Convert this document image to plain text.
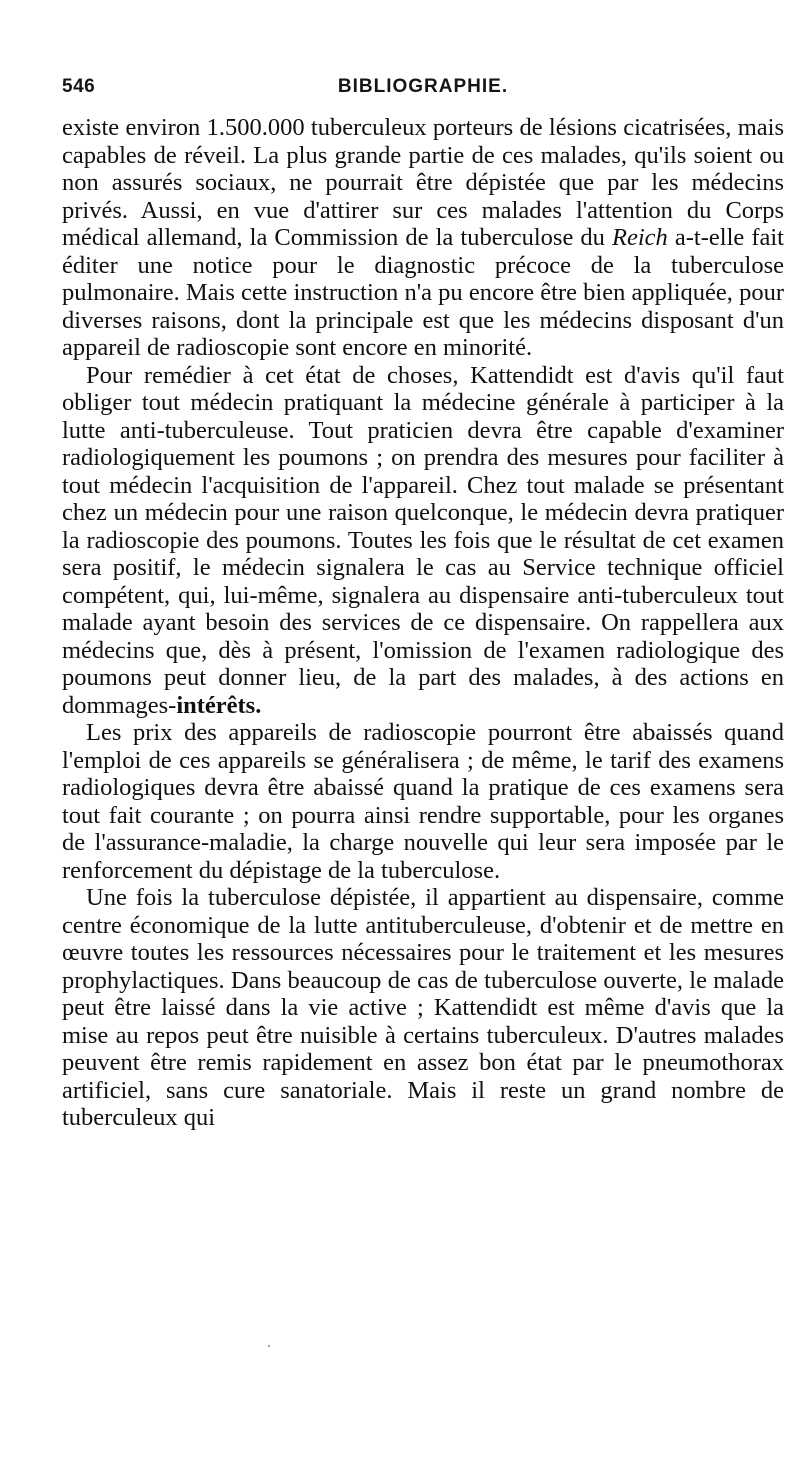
546	BIBLIOGRAPHIE.

existe environ 1.500.000 tuberculeux porteurs de lésions cicatrisées, mais capables de réveil. La plus grande partie de ces malades, qu'ils soient ou non assurés sociaux, ne pourrait être dépistée que par les médecins privés. Aussi, en vue d'attirer sur ces malades l'attention du Corps médical allemand, la Commission de la tuberculose du Reich a-t-elle fait éditer une notice pour le diagnostic précoce de la tuberculose pulmonaire. Mais cette instruction n'a pu encore être bien appliquée, pour diverses raisons, dont la principale est que les médecins disposant d'un appareil de radioscopie sont encore en minorité.

Pour remédier à cet état de choses, Kattendidt est d'avis qu'il faut obliger tout médecin pratiquant la médecine générale à participer à la lutte anti-tuberculeuse. Tout praticien devra être capable d'examiner radiologiquement les poumons ; on prendra des mesures pour faciliter à tout médecin l'acquisition de l'appareil. Chez tout malade se présentant chez un médecin pour une raison quelconque, le médecin devra pratiquer la radioscopie des poumons. Toutes les fois que le résultat de cet examen sera positif, le médecin signalera le cas au Service technique officiel compétent, qui, lui-même, signalera au dispensaire anti-tuberculeux tout malade ayant besoin des services de ce dispensaire. On rappellera aux médecins que, dès à présent, l'omission de l'examen radiologique des poumons peut donner lieu, de la part des malades, à des actions en dommages-intérêts.

Les prix des appareils de radioscopie pourront être abaissés quand l'emploi de ces appareils se généralisera ; de même, le tarif des examens radiologiques devra être abaissé quand la pratique de ces examens sera tout fait courante ; on pourra ainsi rendre supportable, pour les organes de l'assurance-maladie, la charge nouvelle qui leur sera imposée par le renforcement du dépistage de la tuberculose.

Une fois la tuberculose dépistée, il appartient au dispensaire, comme centre économique de la lutte antituberculeuse, d'obtenir et de mettre en œuvre toutes les ressources nécessaires pour le traitement et les mesures prophylactiques. Dans beaucoup de cas de tuberculose ouverte, le malade peut être laissé dans la vie active ; Kattendidt est même d'avis que la mise au repos peut être nuisible à certains tuberculeux. D'autres malades peuvent être remis rapidement en assez bon état par le pneumothorax artificiel, sans cure sanatoriale. Mais il reste un grand nombre de tuberculeux qui
